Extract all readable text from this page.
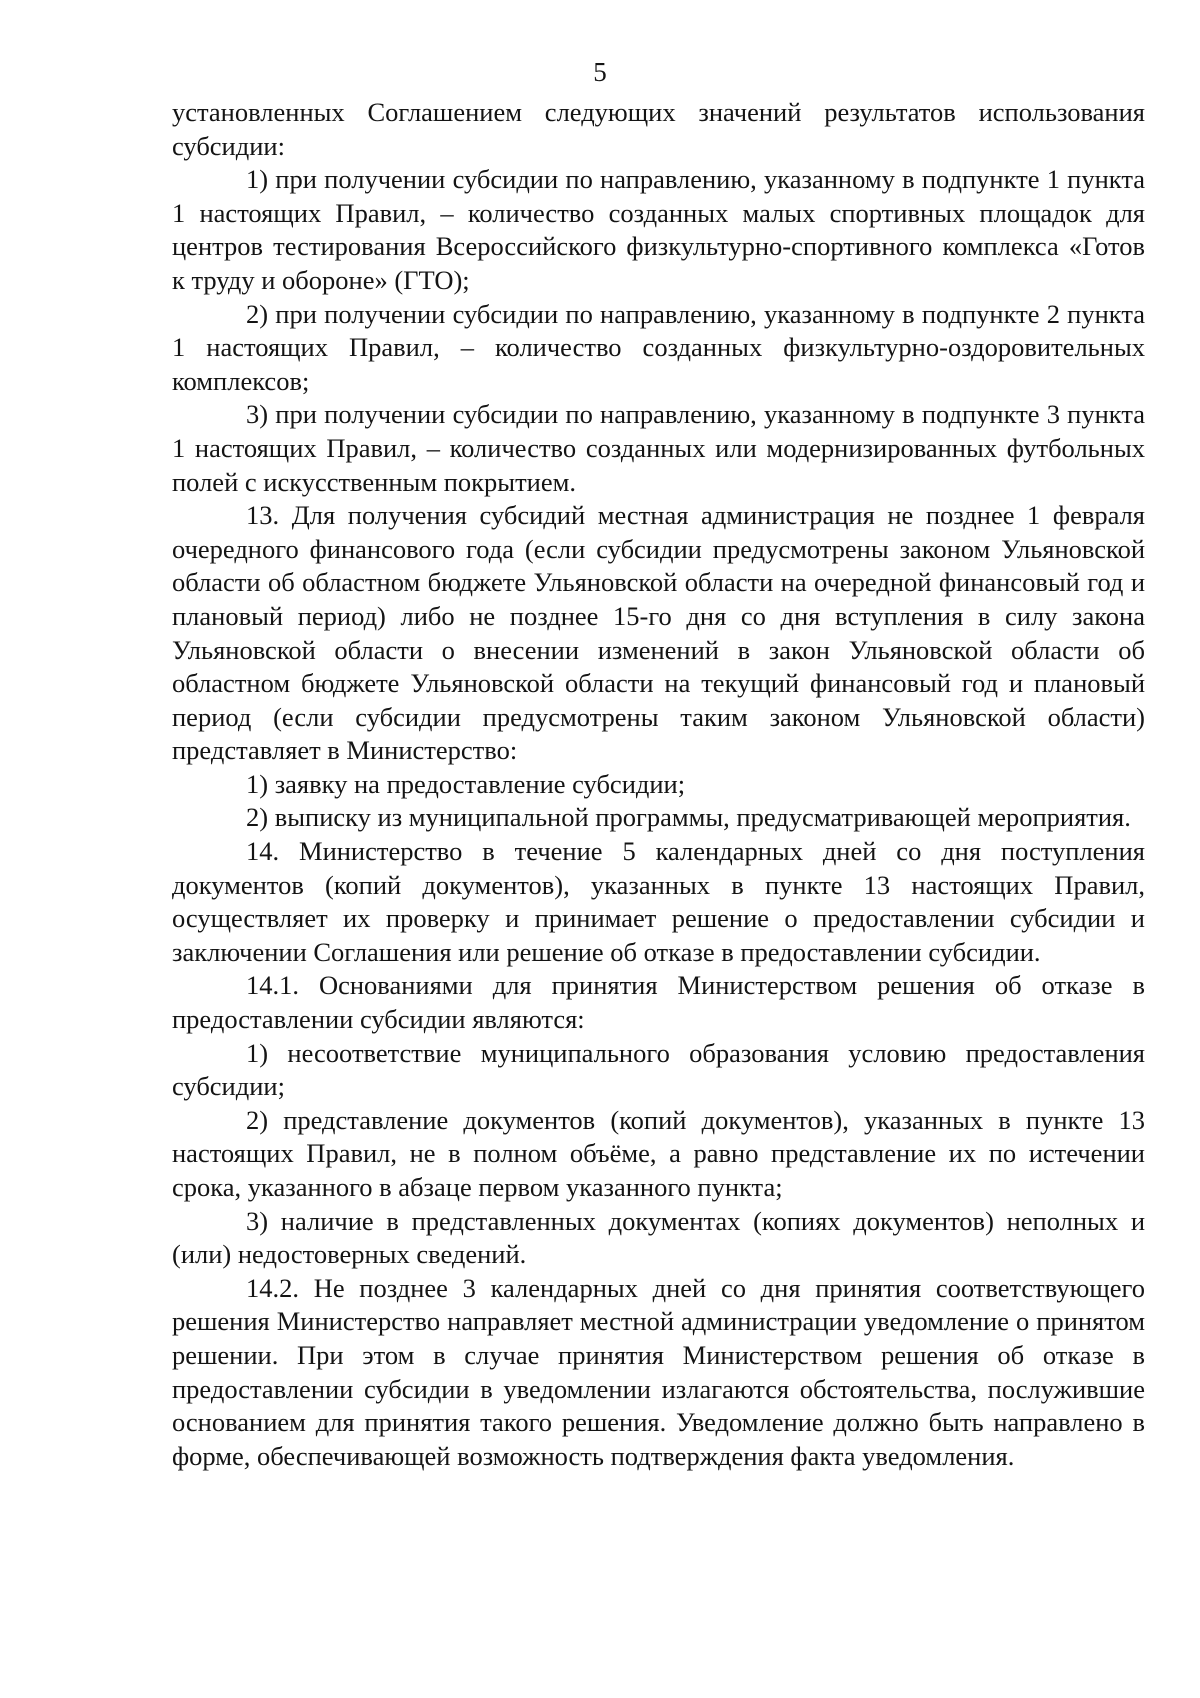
5

установленных Соглашением следующих значений результатов использования субсидии:

1) при получении субсидии по направлению, указанному в подпункте 1 пункта 1 настоящих Правил, – количество созданных малых спортивных площадок для центров тестирования Всероссийского физкультурно-спортивного комплекса «Готов к труду и обороне» (ГТО);

2) при получении субсидии по направлению, указанному в подпункте 2 пункта 1 настоящих Правил, – количество созданных физкультурно-оздоровительных комплексов;

3) при получении субсидии по направлению, указанному в подпункте 3 пункта 1 настоящих Правил, – количество созданных или модернизированных футбольных полей с искусственным покрытием.

13. Для получения субсидий местная администрация не позднее 1 февраля очередного финансового года (если субсидии предусмотрены законом Ульяновской области об областном бюджете Ульяновской области на очередной финансовый год и плановый период) либо не позднее 15-го дня со дня вступления в силу закона Ульяновской области о внесении изменений в закон Ульяновской области об областном бюджете Ульяновской области на текущий финансовый год и плановый период (если субсидии предусмотрены таким законом Ульяновской области) представляет в Министерство:

1) заявку на предоставление субсидии;

2) выписку из муниципальной программы, предусматривающей мероприятия.

14. Министерство в течение 5 календарных дней со дня поступления документов (копий документов), указанных в пункте 13 настоящих Правил, осуществляет их проверку и принимает решение о предоставлении субсидии и заключении Соглашения или решение об отказе в предоставлении субсидии.

14.1. Основаниями для принятия Министерством решения об отказе в предоставлении субсидии являются:

1) несоответствие муниципального образования условию предоставления субсидии;

2) представление документов (копий документов), указанных в пункте 13 настоящих Правил, не в полном объёме, а равно представление их по истечении срока, указанного в абзаце первом указанного пункта;

3) наличие в представленных документах (копиях документов) неполных и (или) недостоверных сведений.

14.2. Не позднее 3 календарных дней со дня принятия соответствующего решения Министерство направляет местной администрации уведомление о принятом решении. При этом в случае принятия Министерством решения об отказе в предоставлении субсидии в уведомлении излагаются обстоятельства, послужившие основанием для принятия такого решения. Уведомление должно быть направлено в форме, обеспечивающей возможность подтверждения факта уведомления.
